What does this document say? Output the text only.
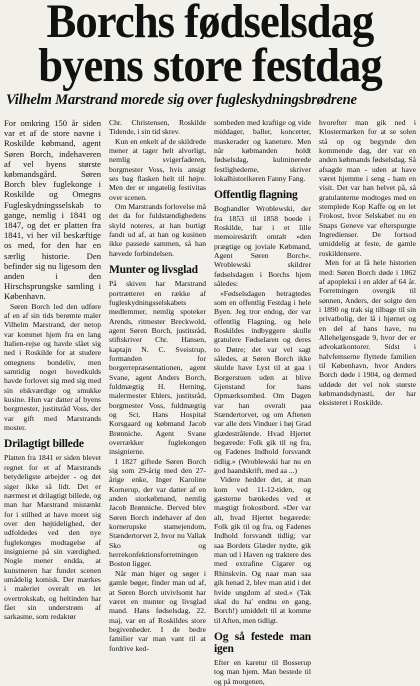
Borchs fødselsdag
byens store festdag
Vilhelm Marstrand morede sig over fugleskydningsbrødrene

For omkring 150 år siden var et af de store navne i Roskilde købmand, agent Søren Borch, indehaveren af vel byens største købmandsgård. Søren Borch blev fuglekonge i Roskilde og Omegns Fugleskydningsselskab to gange, nemlig i 1841 og 1847, og det er platten fra 1841, vi her vil beskæftige os med, for den har en særlig historie. Den befinder sig nu ligesom den anden i den Hirschsprungske samling i København.

Søren Borch led den udføre af en af sin tids berømte maler Vilhelm Marstrand, der netop var kommet hjem fra en lang Italien-rejse og havde slået sig ned i Roskilde for at studere omegnens bondeliv, men samtidig noget hovedkulds havde forlovet sig med sig med sin elskværdige og smukke kusine. Hun var datter af byens borgmester, justitsråd Voss, der var gift med Marstrands moster.

Drilagtigt billede

Platten fra 1841 er siden blevet regnet for et af Marstrands betydeligste arbejder - og det siger ikke så lidt. Det er nærmest et drilagtigt billede, og man har Marstrand mistænkt for i stilhed at have moret sig over den højtidelighed, der udfoldedes ved den nye fuglekonges modtagelse af insignierne på sin værdighed. Nogle mener endda, at kunstneren har fundet scenen umådelig komisk. Der mærkes i maleriet overalt en let overtrokskab, og heltinden har fået sin understrøm af sarkasme, som redaktør

Chr. Christensen, Roskilde Tidende, i sin tid skrev.

Kun en enkelt af de skildrede mener at tager helt alvorligt, nemlig svigerfaderen, borgmester Voss, hvis ansigt ses bag flasken helt til højre. Men der er ungatelig festivitas over scenen.

Om Marstrands forlovelse må det da for fuldstændighedens skyld noteres, at han burtigt fandt ud af, at han og kusinen ikke passede sammen, så han hævede forbindelsen.

Munter og livsglad

På skiven har Marstrand portrætteret en række af fugleskydningsselskabets medlemmer, nemlig spoteker Arends, ritmester Breckwold, agent Søren Borch, justitsråd, stiftskriver Chr. Hansen, kaptajn N. C. Sveistrup, formanden for borgerrepræsentationen, agent Svane, agent Anders Borch, fuldmægtig H. Herning, malermester Ehlers, justitsråd, borgmester Voss, fuldmægtig og Sct. Hans Hospital Korsgaard og købmand Jacob Brønniche. Agent Svane overrækker fuglekongen insignierne.

I 1827 giftede Søren Borch sig som 29-årig med den 27-årige enke, Inger Karoline Kornerup, der var datter af en anden storkøbmand, nemlig Jacob Brønniche. Derved blev Søren Borch indehaver af den kornerupske stamejendom, Stændertorvet 2, hvor nu Vallak Sko og herrekonfektionsforretningen Boston ligger.

Når man higer og søger i gamle bøger, finder man ud af, at Søren Borch utvivlsomt har været en munter og livsglad mand. Hans fødselsdag, 22. maj, var en af Roskildes store begivenheder. I de bedre familier var man vant til at fordrive ked-

sombeden med kraftige og vide middager, baller, koncerter, maskerader og kaneture. Men når købmanden holdt fødselsdag, kulminerede festlighederne, skriver lokalhistorikeren Fanny Fang.

Offentlig flagning

Boghandler Wroblewski, der fra 1853 til 1858 boede i Roskilde, har i et lille memoireskrift omtalt »den prægtige og joviale Købmand, Agent Søren Borch«. Wroblewski skildrer fødselsdagen i Borchs hjem således:

«Fødselsdagen betragtedes som en offentlig Festdag i hele Byen. Jeg tror endog, der var offentlig Flagning, og hele Roskildes indbyggere skulle gratulere Fødselaren og deres to Døtre; det var vel sagt således, at Søren Borch ikke skulde have Lyst til at gaa i Borgerstuen uden at blive Gjenstand for hans Opmærksomhed. Om Dagen var han overalt paa Stændertorvet, og om Aftenen var alle dets Vinduer i høj Grad glædestrålende. Hvad Hjertet begærede: Folk gik til og fra, og Fadenes Indhold forsvandt tidlig.» (Wroblewski har nu en god haandskrift, med aa ...)

Videre hedder det, at man kom ved 11-12-tiden, og gæsterne bænkedes ved et mægtigt frokostbord. »Der var alt, hvad Hjertet begærede: Folk gik til og fra, og Fadenes Indhold forsvandt tidlig; var saa Bordets Glæder nydte, gik man ud i Haven og traktere des med extrafine Cigarer og Rhinskvin. Og naar man saa gik henad 2, blev man atid i det hvide ungdom af sted.« (Tak skal du ha' endnu en gang, Borch!) umiddelt til at komme til Aften, men tidligt.

Og så festede man igen

Efter en karetur til Bosserup tog man hjem. Man bestede til og på morgenen,

hvorefter man gik ned i Klostermarken for at se solen stå op og begynde den kommende dag, der var en anden købmands fødselsdag. Så afsagde man - uden at have været hjemme i seng - ham en visit. Det var han helvet på, så gratulanterne modtoges med en stemplede Kop Kaffe og en let Frokost, hvor Selskabet nu en Snaps Geneve var efterspurgte Ingredienser. De fortsod umiddelig at feste, de gamle roskildensere.

Men for at få hele historien med: Søren Borch døde i 1862 af apopleksi i en alder af 64 år. Forretningen overgik til sønnen, Anders, der solgte den i 1890 og trak sig tilbage til sin privatbolig, der lå i hjørnet og en del af hans have, nu Allehelgensgade 9, hvor der er advokatkontorer. Sidst i halvfemserne flyttede familien til København, hvor Anders Borch døde i 1904, og dermed uddøde det vel nok største købmandsdynasti, der har eksisteret i Roskilde.
